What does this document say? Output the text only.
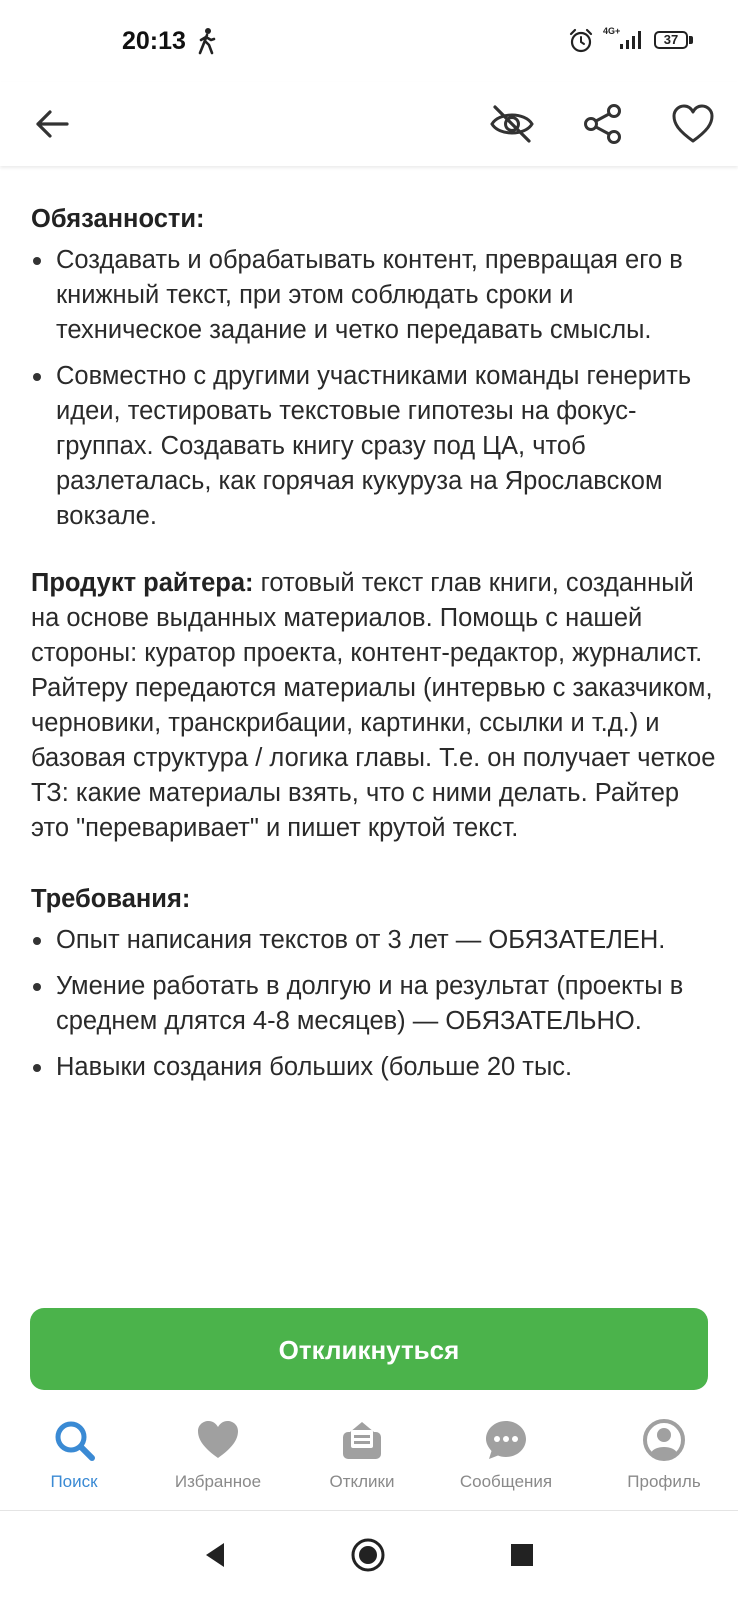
20:13	4G+
37
Обязанности:
Создавать и обрабатывать контент, превращая его в книжный текст, при этом соблюдать сроки и техническое задание и четко передавать смыслы.
Совместно с другими участниками команды генерить идеи, тестировать текстовые гипотезы на фокус-группах. Создавать книгу сразу под ЦА, чтоб разлеталась, как горячая кукуруза на Ярославском вокзале.
Продукт райтера: готовый текст глав книги, созданный на основе выданных материалов. Помощь с нашей стороны: куратор проекта, контент-редактор, журналист. Райтеру передаются материалы (интервью с заказчиком, черновики, транскрибации, картинки, ссылки и т.д.) и базовая структура / логика главы. Т.е. он получает четкое ТЗ: какие материалы взять, что с ними делать. Райтер это "переваривает" и пишет крутой текст.
Требования:
Опыт написания текстов от 3 лет — ОБЯЗАТЕЛЕН.
Умение работать в долгую и на результат (проекты в среднем длятся 4-8 месяцев) — ОБЯЗАТЕЛЬНО.
Навыки создания больших (больше 20 тыс.
Откликнуться
Поиск	Избранное	Отклики	Сообщения	Профиль
